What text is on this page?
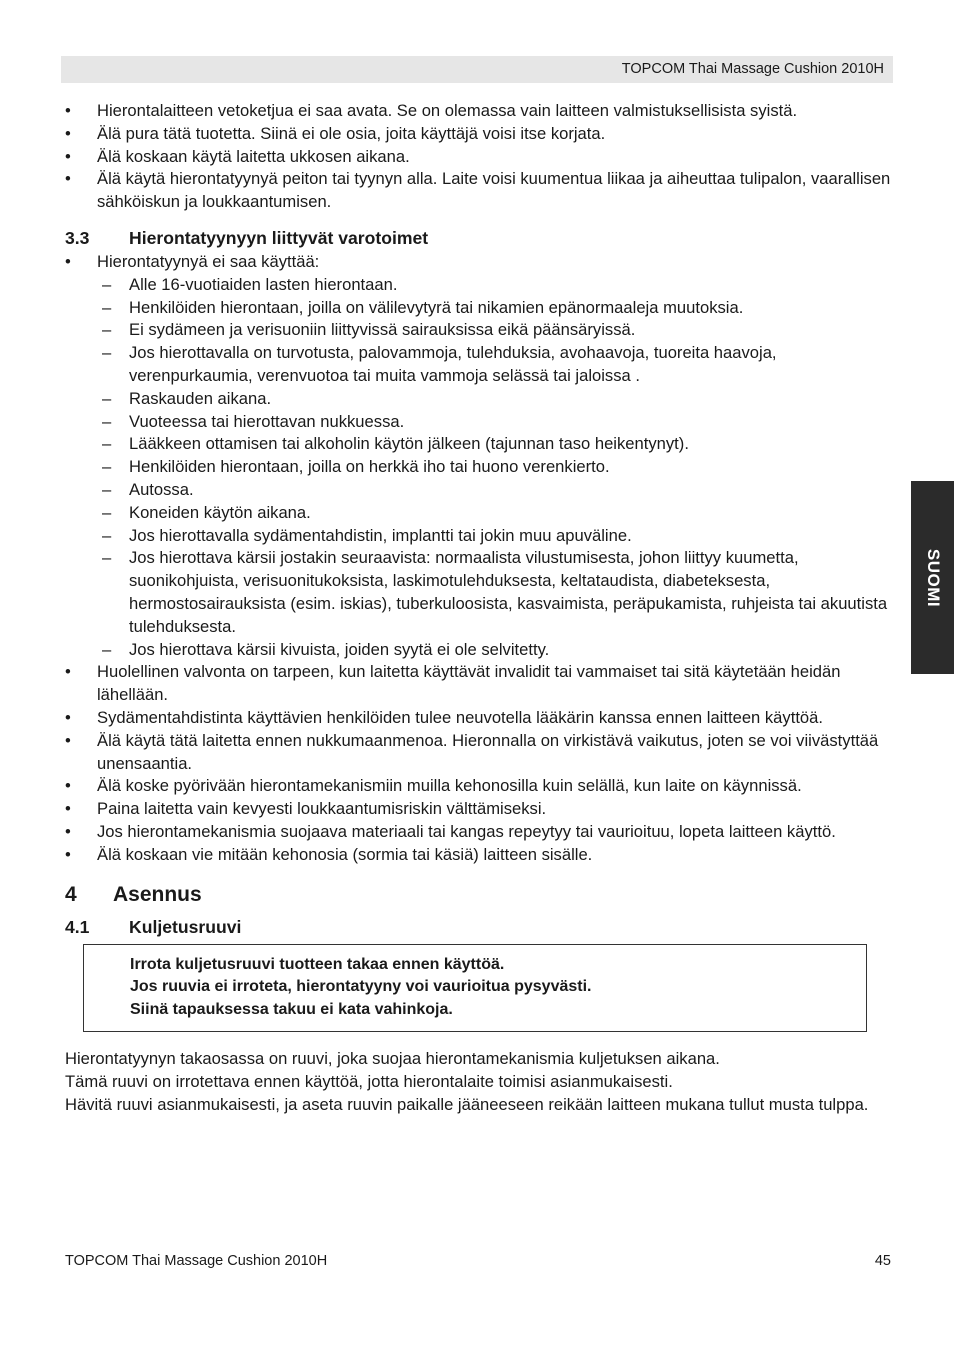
TOPCOM Thai Massage Cushion 2010H
SUOMI
• Hierontalaitteen vetoketjua ei saa avata. Se on olemassa vain laitteen valmistuksellisista syistä.
• Älä pura tätä tuotetta. Siinä ei ole osia, joita käyttäjä voisi itse korjata.
• Älä koskaan käytä laitetta ukkosen aikana.
• Älä käytä hierontatyynyä peiton tai tyynyn alla. Laite voisi kuumentua liikaa ja aiheuttaa tulipalon, vaarallisen sähköiskun ja loukkaantumisen.
3.3	Hierontatyynyyn liittyvät varotoimet
• Hierontatyynyä ei saa käyttää:
– Alle 16-vuotiaiden lasten hierontaan.
– Henkilöiden hierontaan, joilla on välilevytyrä tai nikamien epänormaaleja muutoksia.
– Ei sydämeen ja verisuoniin liittyvissä sairauksissa eikä päänsäryissä.
– Jos hierottavalla on turvotusta, palovammoja, tulehduksia, avohaavoja, tuoreita haavoja, verenpurkaumia, verenvuotoa tai muita vammoja selässä tai jaloissa .
– Raskauden aikana.
– Vuoteessa tai hierottavan nukkuessa.
– Lääkkeen ottamisen tai alkoholin käytön jälkeen (tajunnan taso heikentynyt).
– Henkilöiden hierontaan, joilla on herkkä iho tai huono verenkierto.
– Autossa.
– Koneiden käytön aikana.
– Jos hierottavalla sydämentahdistin, implantti tai jokin muu apuväline.
– Jos hierottava kärsii jostakin seuraavista: normaalista vilustumisesta, johon liittyy kuumetta, suonikohjuista, verisuonitukoksista, laskimotulehduksesta, keltataudista, diabeteksesta, hermostosairauksista (esim. iskias), tuberkuloosista, kasvaimista, peräpukamista, ruhjeista tai akuutista tulehduksesta.
– Jos hierottava kärsii kivuista, joiden syytä ei ole selvitetty.
• Huolellinen valvonta on tarpeen, kun laitetta käyttävät invalidit tai vammaiset tai sitä käytetään heidän lähellään.
• Sydämentahdistinta käyttävien henkilöiden tulee neuvotella lääkärin kanssa ennen laitteen käyttöä.
• Älä käytä tätä laitetta ennen nukkumaanmenoa. Hieronnalla on virkistävä vaikutus, joten se voi viivästyttää unensaantia.
• Älä koske pyörivään hierontamekanismiin muilla kehonosilla kuin selällä, kun laite on käynnissä.
• Paina laitetta vain kevyesti loukkaantumisriskin välttämiseksi.
• Jos hierontamekanismia suojaava materiaali tai kangas repeytyy tai vaurioituu, lopeta laitteen käyttö.
• Älä koskaan vie mitään kehonosia (sormia tai käsiä) laitteen sisälle.
4	Asennus
4.1	Kuljetusruuvi
Irrota kuljetusruuvi tuotteen takaa ennen käyttöä.
Jos ruuvia ei irroteta, hierontatyyny voi vaurioitua pysyvästi.
Siinä tapauksessa takuu ei kata vahinkoja.
Hierontatyynyn takaosassa on ruuvi, joka suojaa hierontamekanismia kuljetuksen aikana.
Tämä ruuvi on irrotettava ennen käyttöä, jotta hierontalaite toimisi asianmukaisesti.
Hävitä ruuvi asianmukaisesti, ja aseta ruuvin paikalle jääneeseen reikään laitteen mukana tullut musta tulppa.
TOPCOM Thai Massage Cushion 2010H	45
